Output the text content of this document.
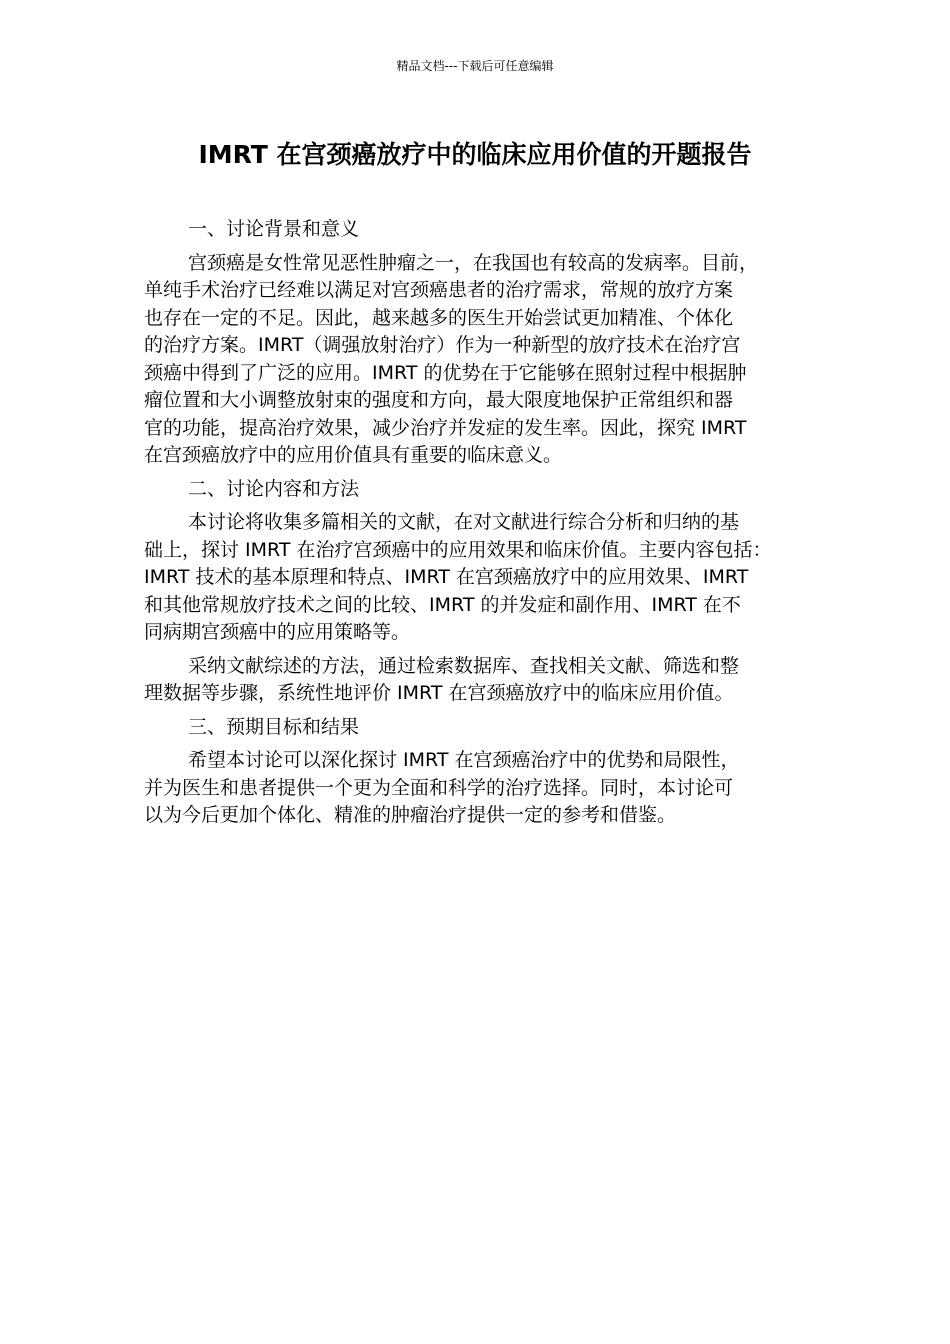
精品文档---下载后可任意编辑
IMRT 在宫颈癌放疗中的临床应用价值的开题报告
一、讨论背景和意义
宫颈癌是女性常见恶性肿瘤之一，在我国也有较高的发病率。目前，
单纯手术治疗已经难以满足对宫颈癌患者的治疗需求，常规的放疗方案
也存在一定的不足。因此，越来越多的医生开始尝试更加精准、个体化
的治疗方案。IMRT（调强放射治疗）作为一种新型的放疗技术在治疗宫
颈癌中得到了广泛的应用。IMRT 的优势在于它能够在照射过程中根据肿
瘤位置和大小调整放射束的强度和方向，最大限度地保护正常组织和器
官的功能，提高治疗效果，减少治疗并发症的发生率。因此，探究 IMRT
在宫颈癌放疗中的应用价值具有重要的临床意义。
二、讨论内容和方法
本讨论将收集多篇相关的文献，在对文献进行综合分析和归纳的基
础上，探讨 IMRT 在治疗宫颈癌中的应用效果和临床价值。主要内容包括：
IMRT 技术的基本原理和特点、IMRT 在宫颈癌放疗中的应用效果、IMRT
和其他常规放疗技术之间的比较、IMRT 的并发症和副作用、IMRT 在不
同病期宫颈癌中的应用策略等。
采纳文献综述的方法，通过检索数据库、查找相关文献、筛选和整
理数据等步骤，系统性地评价 IMRT 在宫颈癌放疗中的临床应用价值。
三、预期目标和结果
希望本讨论可以深化探讨 IMRT 在宫颈癌治疗中的优势和局限性，
并为医生和患者提供一个更为全面和科学的治疗选择。同时，本讨论可
以为今后更加个体化、精准的肿瘤治疗提供一定的参考和借鉴。
